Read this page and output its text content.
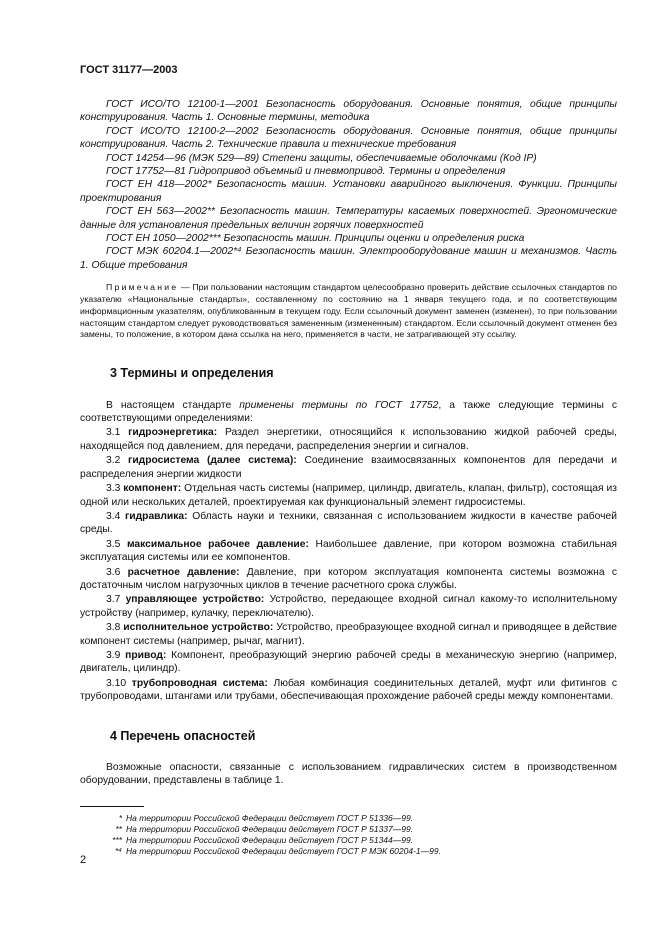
ГОСТ 31177—2003

ГОСТ ИСО/ТО 12100-1—2001 Безопасность оборудования. Основные понятия, общие принципы конструирования. Часть 1. Основные термины, методика

ГОСТ ИСО/ТО 12100-2—2002 Безопасность оборудования. Основные понятия, общие принципы конструирования. Часть 2. Технические правила и технические требования

ГОСТ 14254—96 (МЭК 529—89) Степени защиты, обеспечиваемые оболочками (Код IP)

ГОСТ 17752—81 Гидропривод объемный и пневмопривод. Термины и определения

ГОСТ ЕН 418—2002* Безопасность машин. Установки аварийного выключения. Функции. Принципы проектирования

ГОСТ ЕН 563—2002** Безопасность машин. Температуры касаемых поверхностей. Эргономические данные для установления предельных величин горячих поверхностей

ГОСТ ЕН 1050—2002*** Безопасность машин. Принципы оценки и определения риска

ГОСТ МЭК 60204.1—2002*⁴ Безопасность машин. Электрооборудование машин и механизмов. Часть 1. Общие требования

Примечание — При пользовании настоящим стандартом целесообразно проверить действие ссылочных стандартов по указателю «Национальные стандарты», составленному по состоянию на 1 января текущего года, и по соответствующим информационным указателям, опубликованным в текущем году. Если ссылочный документ заменен (изменен), то при пользовании настоящим стандартом следует руководствоваться замененным (измененным) стандартом. Если ссылочный документ отменен без замены, то положение, в котором дана ссылка на него, применяется в части, не затрагивающей эту ссылку.

3 Термины и определения

В настоящем стандарте применены термины по ГОСТ 17752, а также следующие термины с соответствующими определениями:

3.1 гидроэнергетика: Раздел энергетики, относящийся к использованию жидкой рабочей среды, находящейся под давлением, для передачи, распределения энергии и сигналов.

3.2 гидросистема (далее система): Соединение взаимосвязанных компонентов для передачи и распределения энергии жидкости

3.3 компонент: Отдельная часть системы (например, цилиндр, двигатель, клапан, фильтр), состоящая из одной или нескольких деталей, проектируемая как функциональный элемент гидросистемы.

3.4 гидравлика: Область науки и техники, связанная с использованием жидкости в качестве рабочей среды.

3.5 максимальное рабочее давление: Наибольшее давление, при котором возможна стабильная эксплуатация системы или ее компонентов.

3.6 расчетное давление: Давление, при котором эксплуатация компонента системы возможна с достаточным числом нагрузочных циклов в течение расчетного срока службы.

3.7 управляющее устройство: Устройство, передающее входной сигнал какому-то исполнительному устройству (например, кулачку, переключателю).

3.8 исполнительное устройство: Устройство, преобразующее входной сигнал и приводящее в действие компонент системы (например, рычаг, магнит).

3.9 привод: Компонент, преобразующий энергию рабочей среды в механическую энергию (например, двигатель, цилиндр).

3.10 трубопроводная система: Любая комбинация соединительных деталей, муфт или фитингов с трубопроводами, штангами или трубами, обеспечивающая прохождение рабочей среды между компонентами.

4 Перечень опасностей

Возможные опасности, связанные с использованием гидравлических систем в производственном оборудовании, представлены в таблице 1.

* На территории Российской Федерации действует ГОСТ Р 51336—99.

** На территории Российской Федерации действует ГОСТ Р 51337—99.

*** На территории Российской Федерации действует ГОСТ Р 51344—99.

*⁴ На территории Российской Федерации действует ГОСТ Р МЭК 60204-1—99.

2
